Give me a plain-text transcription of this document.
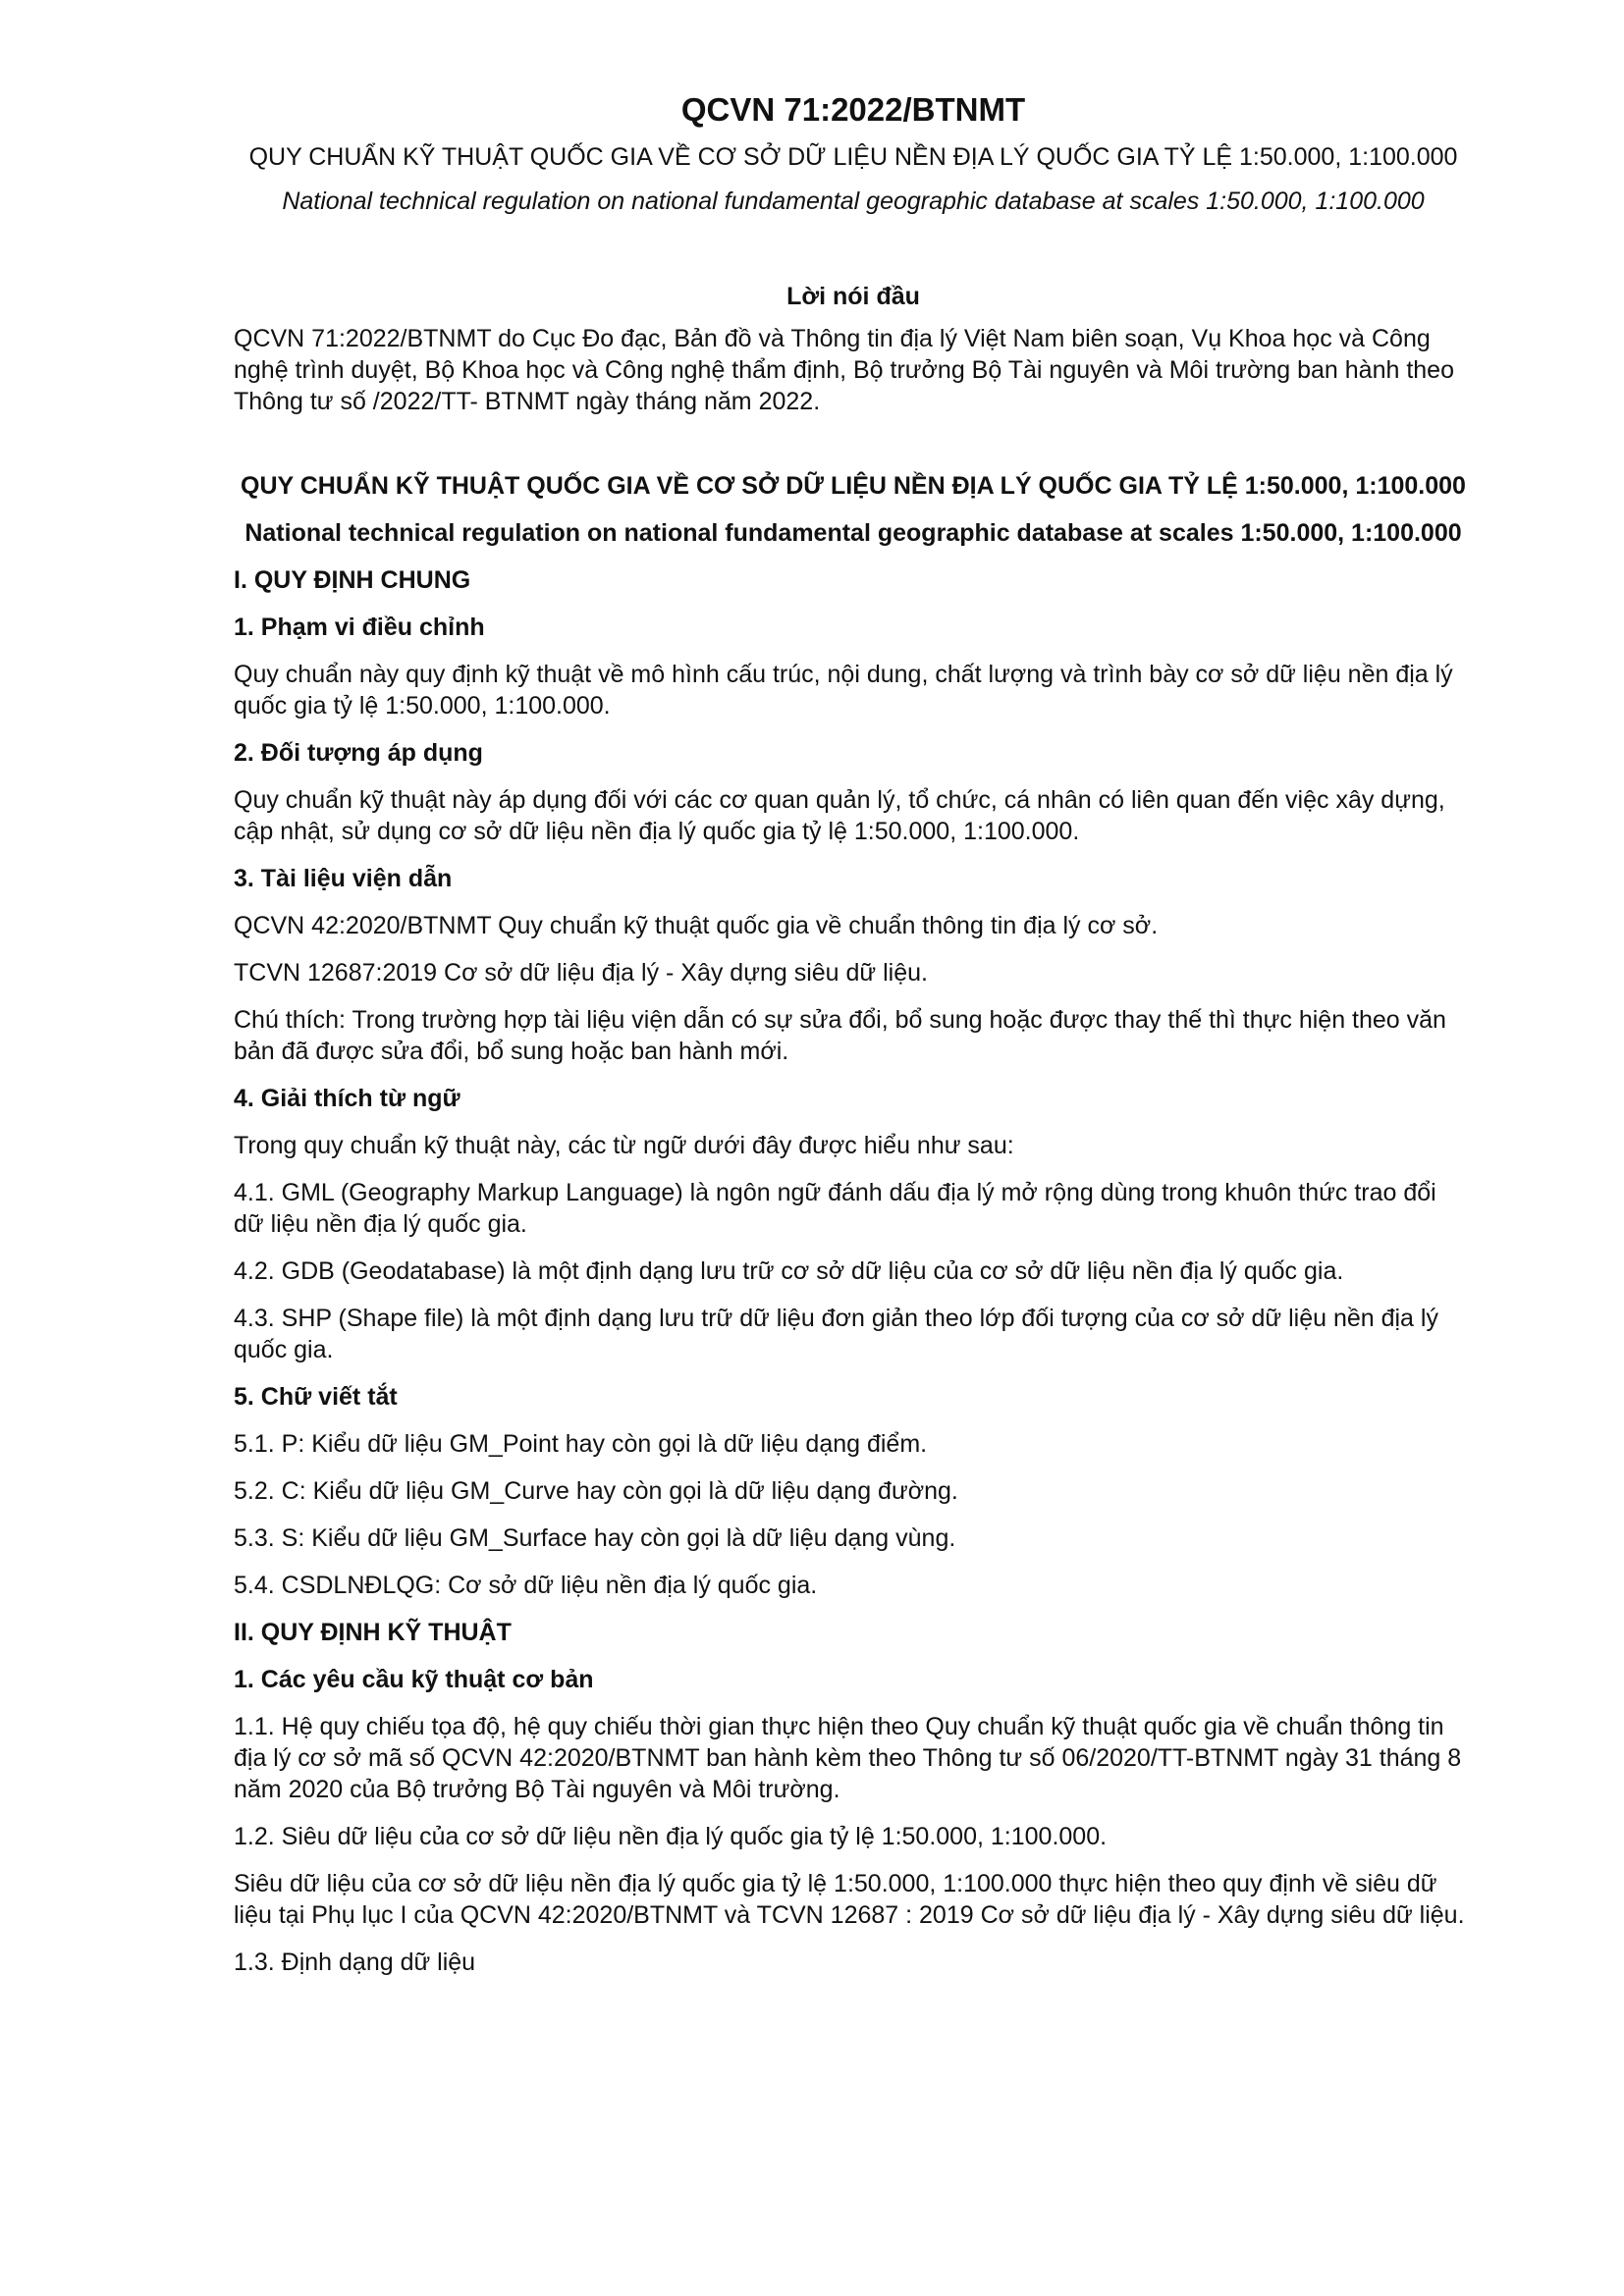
QCVN 71:2022/BTNMT

QUY CHUẨN KỸ THUẬT QUỐC GIA VỀ CƠ SỞ DỮ LIỆU NỀN ĐỊA LÝ QUỐC GIA TỶ LỆ 1:50.000, 1:100.000

National technical regulation on national fundamental geographic database at scales 1:50.000, 1:100.000

Lời nói đầu

QCVN 71:2022/BTNMT do Cục Đo đạc, Bản đồ và Thông tin địa lý Việt Nam biên soạn, Vụ Khoa học và Công nghệ trình duyệt, Bộ Khoa học và Công nghệ thẩm định, Bộ trưởng Bộ Tài nguyên và Môi trường ban hành theo Thông tư số /2022/TT- BTNMT ngày tháng năm 2022.

QUY CHUẨN KỸ THUẬT QUỐC GIA VỀ CƠ SỞ DỮ LIỆU NỀN ĐỊA LÝ QUỐC GIA TỶ LỆ 1:50.000, 1:100.000

National technical regulation on national fundamental geographic database at scales 1:50.000, 1:100.000

I. QUY ĐỊNH CHUNG

1. Phạm vi điều chỉnh

Quy chuẩn này quy định kỹ thuật về mô hình cấu trúc, nội dung, chất lượng và trình bày cơ sở dữ liệu nền địa lý quốc gia tỷ lệ 1:50.000, 1:100.000.

2. Đối tượng áp dụng

Quy chuẩn kỹ thuật này áp dụng đối với các cơ quan quản lý, tổ chức, cá nhân có liên quan đến việc xây dựng, cập nhật, sử dụng cơ sở dữ liệu nền địa lý quốc gia tỷ lệ 1:50.000, 1:100.000.

3. Tài liệu viện dẫn

QCVN 42:2020/BTNMT Quy chuẩn kỹ thuật quốc gia về chuẩn thông tin địa lý cơ sở.

TCVN 12687:2019 Cơ sở dữ liệu địa lý - Xây dựng siêu dữ liệu.

Chú thích: Trong trường hợp tài liệu viện dẫn có sự sửa đổi, bổ sung hoặc được thay thế thì thực hiện theo văn bản đã được sửa đổi, bổ sung hoặc ban hành mới.

4. Giải thích từ ngữ

Trong quy chuẩn kỹ thuật này, các từ ngữ dưới đây được hiểu như sau:

4.1. GML (Geography Markup Language) là ngôn ngữ đánh dấu địa lý mở rộng dùng trong khuôn thức trao đổi dữ liệu nền địa lý quốc gia.

4.2. GDB (Geodatabase) là một định dạng lưu trữ cơ sở dữ liệu của cơ sở dữ liệu nền địa lý quốc gia.

4.3. SHP (Shape file) là một định dạng lưu trữ dữ liệu đơn giản theo lớp đối tượng của cơ sở dữ liệu nền địa lý quốc gia.

5. Chữ viết tắt

5.1. P: Kiểu dữ liệu GM_Point hay còn gọi là dữ liệu dạng điểm.

5.2. C: Kiểu dữ liệu GM_Curve hay còn gọi là dữ liệu dạng đường.

5.3. S: Kiểu dữ liệu GM_Surface hay còn gọi là dữ liệu dạng vùng.

5.4. CSDLNĐLQG: Cơ sở dữ liệu nền địa lý quốc gia.

II. QUY ĐỊNH KỸ THUẬT

1. Các yêu cầu kỹ thuật cơ bản

1.1. Hệ quy chiếu tọa độ, hệ quy chiếu thời gian thực hiện theo Quy chuẩn kỹ thuật quốc gia về chuẩn thông tin địa lý cơ sở mã số QCVN 42:2020/BTNMT ban hành kèm theo Thông tư số 06/2020/TT-BTNMT ngày 31 tháng 8 năm 2020 của Bộ trưởng Bộ Tài nguyên và Môi trường.

1.2. Siêu dữ liệu của cơ sở dữ liệu nền địa lý quốc gia tỷ lệ 1:50.000, 1:100.000.

Siêu dữ liệu của cơ sở dữ liệu nền địa lý quốc gia tỷ lệ 1:50.000, 1:100.000 thực hiện theo quy định về siêu dữ liệu tại Phụ lục I của QCVN 42:2020/BTNMT và TCVN 12687 : 2019 Cơ sở dữ liệu địa lý - Xây dựng siêu dữ liệu.

1.3. Định dạng dữ liệu
